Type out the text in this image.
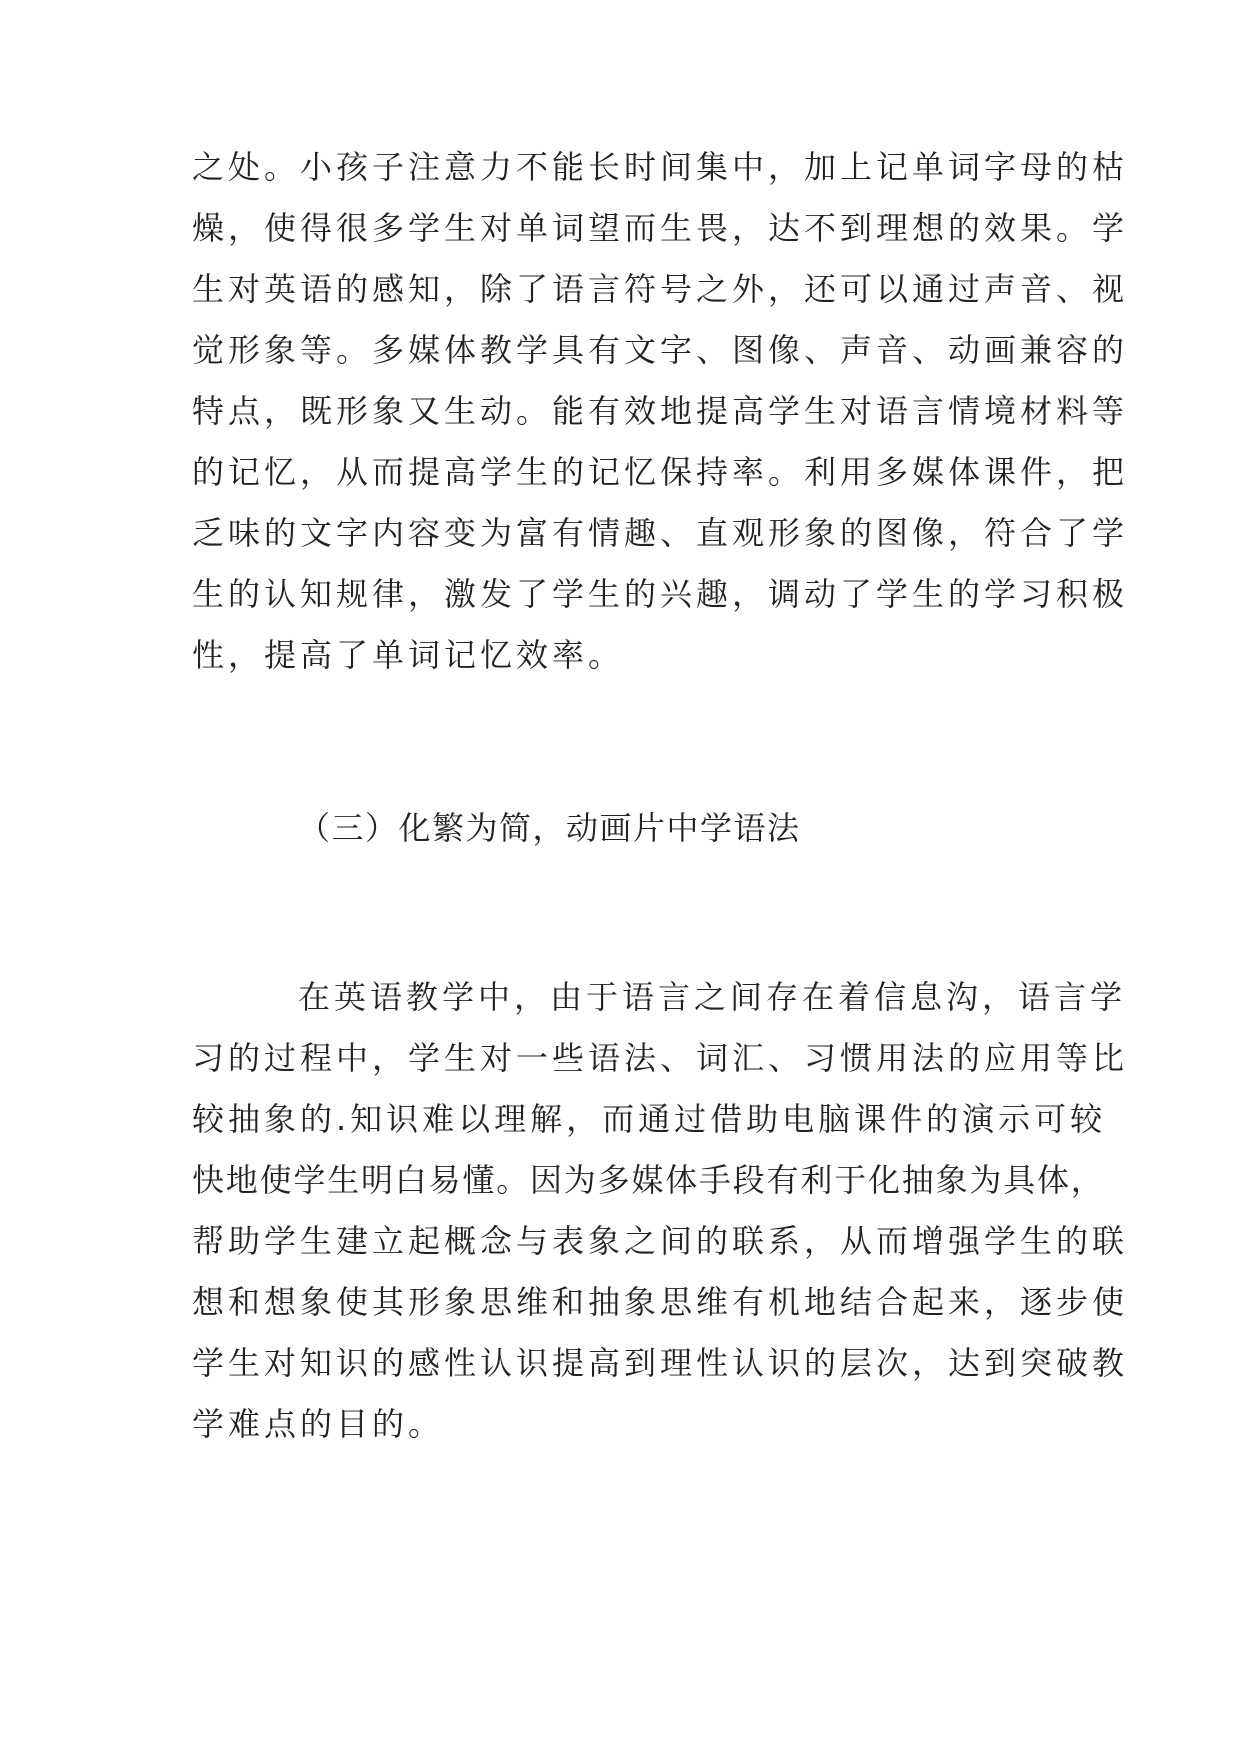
之处。小孩子注意力不能长时间集中，加上记单词字母的枯
燥，使得很多学生对单词望而生畏，达不到理想的效果。学
生对英语的感知，除了语言符号之外，还可以通过声音、视
觉形象等。多媒体教学具有文字、图像、声音、动画兼容的
特点，既形象又生动。能有效地提高学生对语言情境材料等
的记忆，从而提高学生的记忆保持率。利用多媒体课件，把
乏味的文字内容变为富有情趣、直观形象的图像，符合了学
生的认知规律，激发了学生的兴趣，调动了学生的学习积极
性，提高了单词记忆效率。
（三）化繁为简，动画片中学语法
在英语教学中，由于语言之间存在着信息沟，语言学
习的过程中，学生对一些语法、词汇、习惯用法的应用等比
较抽象的.知识难以理解，而通过借助电脑课件的演示可较
快地使学生明白易懂。因为多媒体手段有利于化抽象为具体，
帮助学生建立起概念与表象之间的联系，从而增强学生的联
想和想象使其形象思维和抽象思维有机地结合起来，逐步使
学生对知识的感性认识提高到理性认识的层次，达到突破教
学难点的目的。
